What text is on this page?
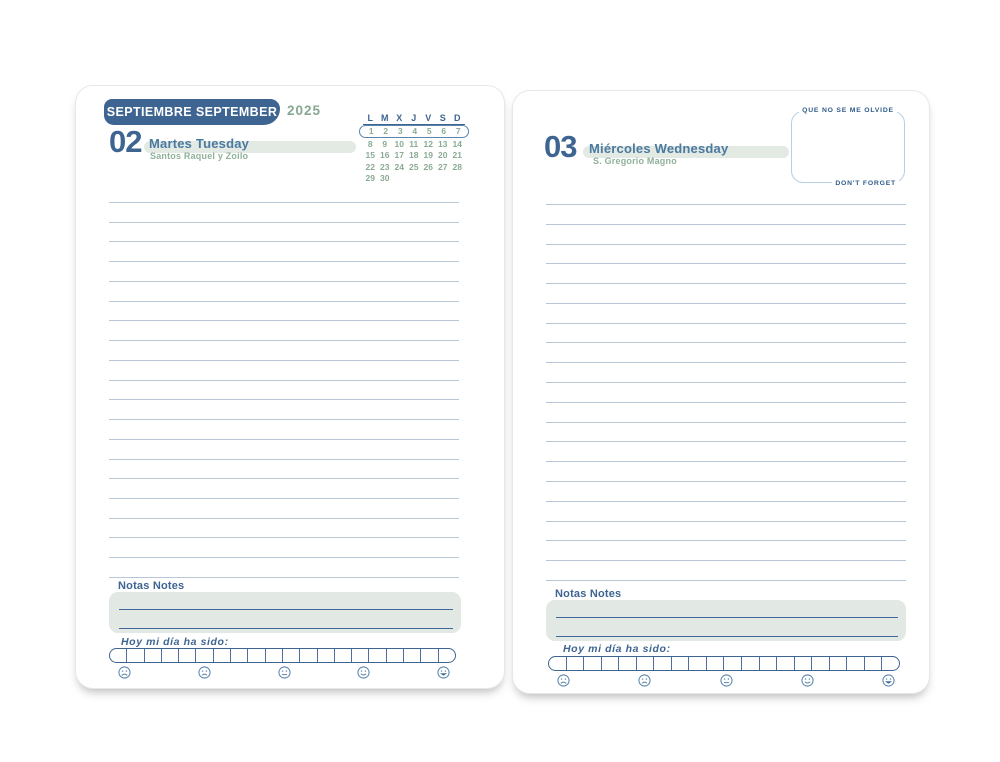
SEPTIEMBRE SEPTEMBER 2025
02 Martes Tuesday
Santos Raquel y Zoilo
L M X J V S D
1	2	3	4	5	6	7
8	9 10 11 12 13 14
15 16 17 18 19 20 21
22 23 24 25 26 27 28
29 30
Notas Notes
Hoy mi día ha sido:
03 Miércoles Wednesday
S. Gregorio Magno
QUE NO SE ME OLVIDE
DON'T FORGET
Notas Notes
Hoy mi día ha sido:
